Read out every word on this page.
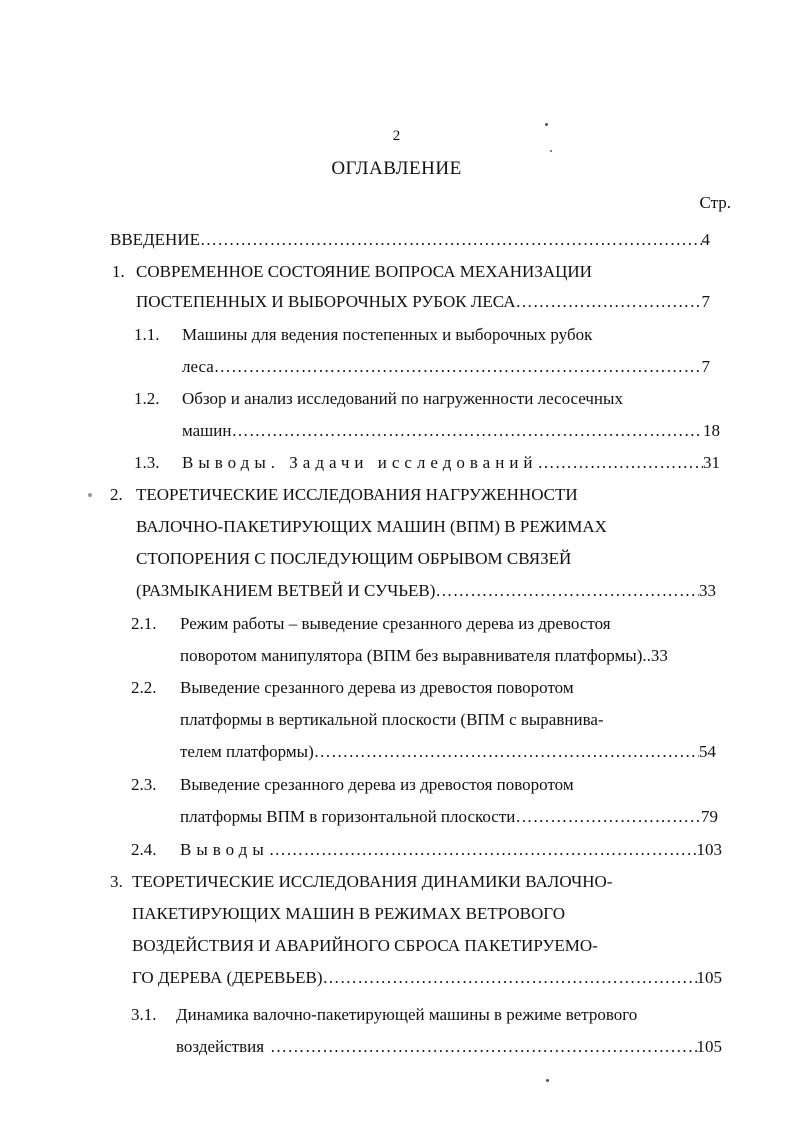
2
ОГЛАВЛЕНИЕ
Стр.
ВВЕДЕНИЕ ……………………………………………………………………………………………………………………………………………………………	4
1. СОВРЕМЕННОЕ СОСТОЯНИЕ ВОПРОСА МЕХАНИЗАЦИИ
ПОСТЕПЕННЫХ И ВЫБОРОЧНЫХ РУБОК ЛЕСА ……………………………………………………………………………………………………………………………………………………………	7
1.1. Машины для ведения постепенных и выборочных рубок
леса ……………………………………………………………………………………………………………………………………………………………	7
1.2. Обзор и анализ исследований по нагруженности лесосечных
машин ……………………………………………………………………………………………………………………………………………………………	18
1.3. Выводы. Задачи исследований ……………………………………………………………………………………………………………………………………………………………	31
2. ТЕОРЕТИЧЕСКИЕ ИССЛЕДОВАНИЯ НАГРУЖЕННОСТИ
ВАЛОЧНО-ПАКЕТИРУЮЩИХ МАШИН (ВПМ) В РЕЖИМАХ
СТОПОРЕНИЯ С ПОСЛЕДУЮЩИМ ОБРЫВОМ СВЯЗЕЙ
(РАЗМЫКАНИЕМ ВЕТВЕЙ И СУЧЬЕВ) ……………………………………………………………………………………………………………………………………………………………	33
2.1. Режим работы – выведение срезанного дерева из древостоя
поворотом манипулятора (ВПМ без выравнивателя платформы).. 33
2.2. Выведение срезанного дерева из древостоя поворотом
платформы в вертикальной плоскости (ВПМ с выравнива-
телем платформы) ……………………………………………………………………………………………………………………………………………………………	54
2.3. Выведение срезанного дерева из древостоя поворотом
платформы ВПМ в горизонтальной плоскости ……………………………………………………………………………………………………………………………………………………………	79
2.4. Выводы ……………………………………………………………………………………………………………………………………………………………	103
3. ТЕОРЕТИЧЕСКИЕ ИССЛЕДОВАНИЯ ДИНАМИКИ ВАЛОЧНО-
ПАКЕТИРУЮЩИХ МАШИН В РЕЖИМАХ ВЕТРОВОГО
ВОЗДЕЙСТВИЯ И АВАРИЙНОГО СБРОСА ПАКЕТИРУЕМО-
ГО ДЕРЕВА (ДЕРЕВЬЕВ) ……………………………………………………………………………………………………………………………………………………………	105
3.1. Динамика валочно-пакетирующей машины в режиме ветрового
воздействия ……………………………………………………………………………………………………………………………………………………………	105
